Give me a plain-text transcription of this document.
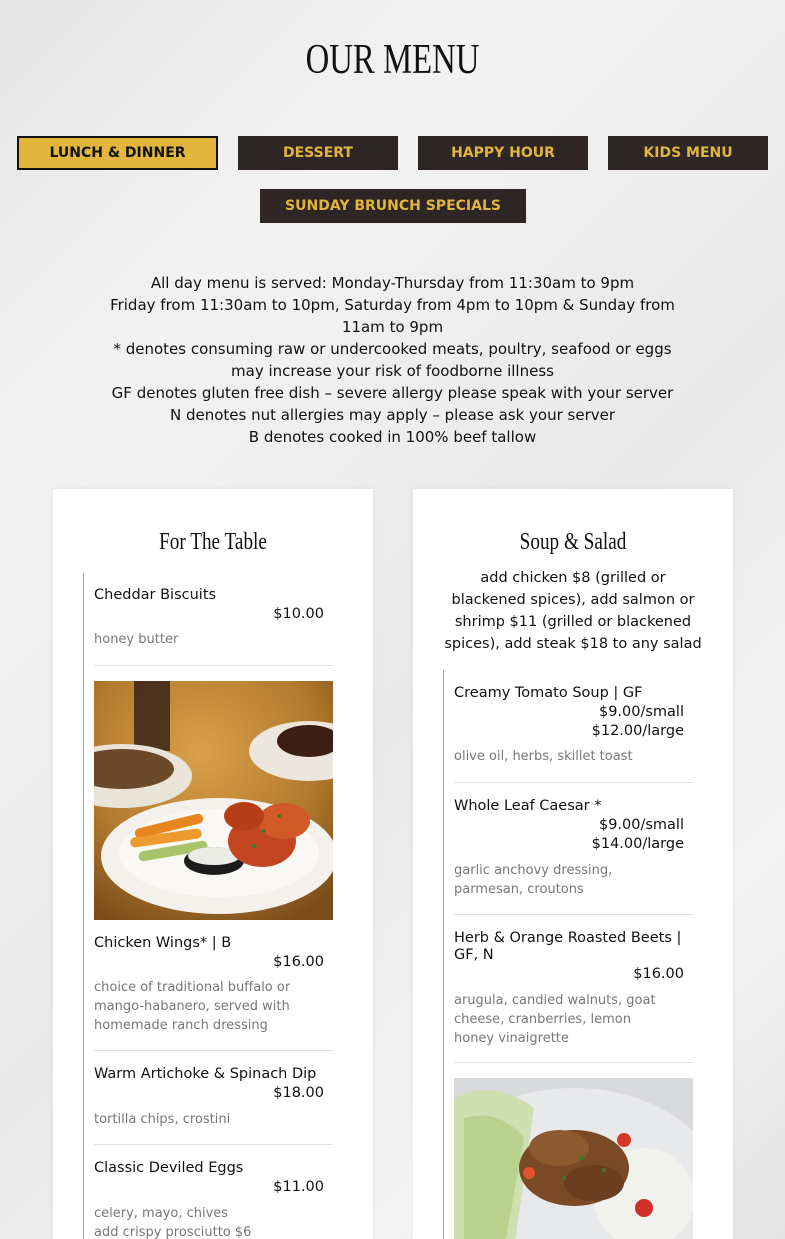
OUR MENU
LUNCH & DINNER	DESSERT	HAPPY HOUR	KIDS MENU
SUNDAY BRUNCH SPECIALS
All day menu is served: Monday-Thursday from 11:30am to 9pm
Friday from 11:30am to 10pm, Saturday from 4pm to 10pm & Sunday from 11am to 9pm
* denotes consuming raw or undercooked meats, poultry, seafood or eggs may increase your risk of foodborne illness
GF denotes gluten free dish – severe allergy please speak with your server
N denotes nut allergies may apply – please ask your server
B denotes cooked in 100% beef tallow
For The Table
Cheddar Biscuits
$10.00
honey butter
Chicken Wings* | B
$16.00
choice of traditional buffalo or mango-habanero, served with homemade ranch dressing
Warm Artichoke & Spinach Dip
$18.00
tortilla chips, crostini
Classic Deviled Eggs
$11.00
celery, mayo, chives
add crispy prosciutto $6
Soup & Salad
add chicken $8 (grilled or blackened spices), add salmon or shrimp $11 (grilled or blackened spices), add steak $18 to any salad
Creamy Tomato Soup | GF
$9.00/small
$12.00/large
olive oil, herbs, skillet toast
Whole Leaf Caesar *
$9.00/small
$14.00/large
garlic anchovy dressing, parmesan, croutons
Herb & Orange Roasted Beets | GF, N
$16.00
arugula, candied walnuts, goat cheese, cranberries, lemon honey vinaigrette
